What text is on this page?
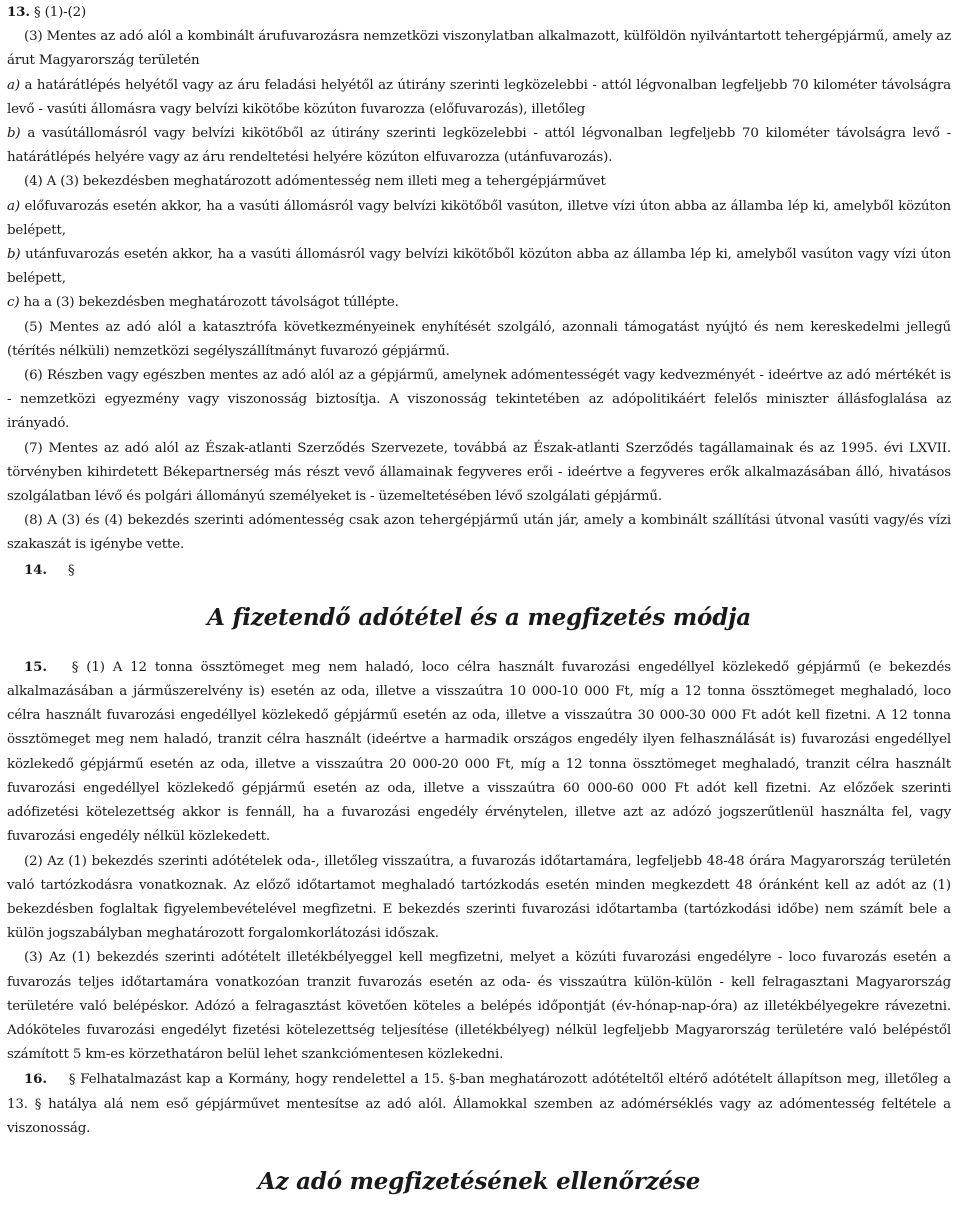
13. § (1)-(2)

(3) Mentes az adó alól a kombinált árufuvarozásra nemzetközi viszonylatban alkalmazott, külföldön nyilvántartott tehergépjármű, amely az árut Magyarország területén

a) a határátlépés helyétől vagy az áru feladási helyétől az útirány szerinti legközelebbi - attól légvonalban legfeljebb 70 kilométer távolságra levő - vasúti állomásra vagy belvízi kikötőbe közúton fuvarozza (előfuvarozás), illetőleg

b) a vasútállomásról vagy belvízi kikötőből az útirány szerinti legközelebbi - attól légvonalban legfeljebb 70 kilométer távolságra levő - határátlépés helyére vagy az áru rendeltetési helyére közúton elfuvarozza (utánfuvarozás).

(4) A (3) bekezdésben meghatározott adómentesség nem illeti meg a tehergépjárművet

a) előfuvarozás esetén akkor, ha a vasúti állomásról vagy belvízi kikötőből vasúton, illetve vízi úton abba az államba lép ki, amelyből közúton belépett,

b) utánfuvarozás esetén akkor, ha a vasúti állomásról vagy belvízi kikötőből közúton abba az államba lép ki, amelyből vasúton vagy vízi úton belépett,

c) ha a (3) bekezdésben meghatározott távolságot túllépte.

(5) Mentes az adó alól a katasztrófa következményeinek enyhítését szolgáló, azonnali támogatást nyújtó és nem kereskedelmi jellegű (térítés nélküli) nemzetközi segélyszállítmányt fuvarozó gépjármű.

(6) Részben vagy egészben mentes az adó alól az a gépjármű, amelynek adómentességét vagy kedvezményét - ideértve az adó mértékét is - nemzetközi egyezmény vagy viszonosság biztosítja. A viszonosság tekintetében az adópolitikáért felelős miniszter állásfoglalása az irányadó.

(7) Mentes az adó alól az Észak-atlanti Szerződés Szervezete, továbbá az Észak-atlanti Szerződés tagállamainak és az 1995. évi LXVII. törvényben kihirdetett Békepartnerség más részt vevő államainak fegyveres erői - ideértve a fegyveres erők alkalmazásában álló, hivatásos szolgálatban lévő és polgári állományú személyeket is - üzemeltetésében lévő szolgálati gépjármű.

(8) A (3) és (4) bekezdés szerinti adómentesség csak azon tehergépjármű után jár, amely a kombinált szállítási útvonal vasúti vagy/és vízi szakaszát is igénybe vette.

14. §

A fizetendő adótétel és a megfizetés módja

15. § (1) A 12 tonna össztömeget meg nem haladó, loco célra használt fuvarozási engedéllyel közlekedő gépjármű (e bekezdés alkalmazásában a járműszerelvény is) esetén az oda, illetve a visszaútra 10 000-10 000 Ft, míg a 12 tonna össztömeget meghaladó, loco célra használt fuvarozási engedéllyel közlekedő gépjármű esetén az oda, illetve a visszaútra 30 000-30 000 Ft adót kell fizetni. A 12 tonna össztömeget meg nem haladó, tranzit célra használt (ideértve a harmadik országos engedély ilyen felhasználását is) fuvarozási engedéllyel közlekedő gépjármű esetén az oda, illetve a visszaútra 20 000-20 000 Ft, míg a 12 tonna össztömeget meghaladó, tranzit célra használt fuvarozási engedéllyel közlekedő gépjármű esetén az oda, illetve a visszaútra 60 000-60 000 Ft adót kell fizetni. Az előzőek szerinti adófizetési kötelezettség akkor is fennáll, ha a fuvarozási engedély érvénytelen, illetve azt az adózó jogszerűtlenül használta fel, vagy fuvarozási engedély nélkül közlekedett.

(2) Az (1) bekezdés szerinti adótételek oda-, illetőleg visszaútra, a fuvarozás időtartamára, legfeljebb 48-48 órára Magyarország területén való tartózkodásra vonatkoznak. Az előző időtartamot meghaladó tartózkodás esetén minden megkezdett 48 óránként kell az adót az (1) bekezdésben foglaltak figyelembevételével megfizetni. E bekezdés szerinti fuvarozási időtartamba (tartózkodási időbe) nem számít bele a külön jogszabályban meghatározott forgalomkorlátozási időszak.

(3) Az (1) bekezdés szerinti adótételt illetékbélyeggel kell megfizetni, melyet a közúti fuvarozási engedélyre - loco fuvarozás esetén a fuvarozás teljes időtartamára vonatkozóan tranzit fuvarozás esetén az oda- és visszaútra külön-külön - kell felragasztani Magyarország területére való belépéskor. Adózó a felragasztást követően köteles a belépés időpontját (év-hónap-nap-óra) az illetékbélyegekre rávezetni. Adóköteles fuvarozási engedélyt fizetési kötelezettség teljesítése (illetékbélyeg) nélkül legfeljebb Magyarország területére való belépéstől számított 5 km-es körzethatáron belül lehet szankciómentesen közlekedni.

16. § Felhatalmazást kap a Kormány, hogy rendelettel a 15. §-ban meghatározott adótételtől eltérő adótételt állapítson meg, illetőleg a 13. § hatálya alá nem eső gépjárművet mentesítse az adó alól. Államokkal szemben az adómérséklés vagy az adómentesség feltétele a viszonosság.

Az adó megfizetésének ellenőrzése
